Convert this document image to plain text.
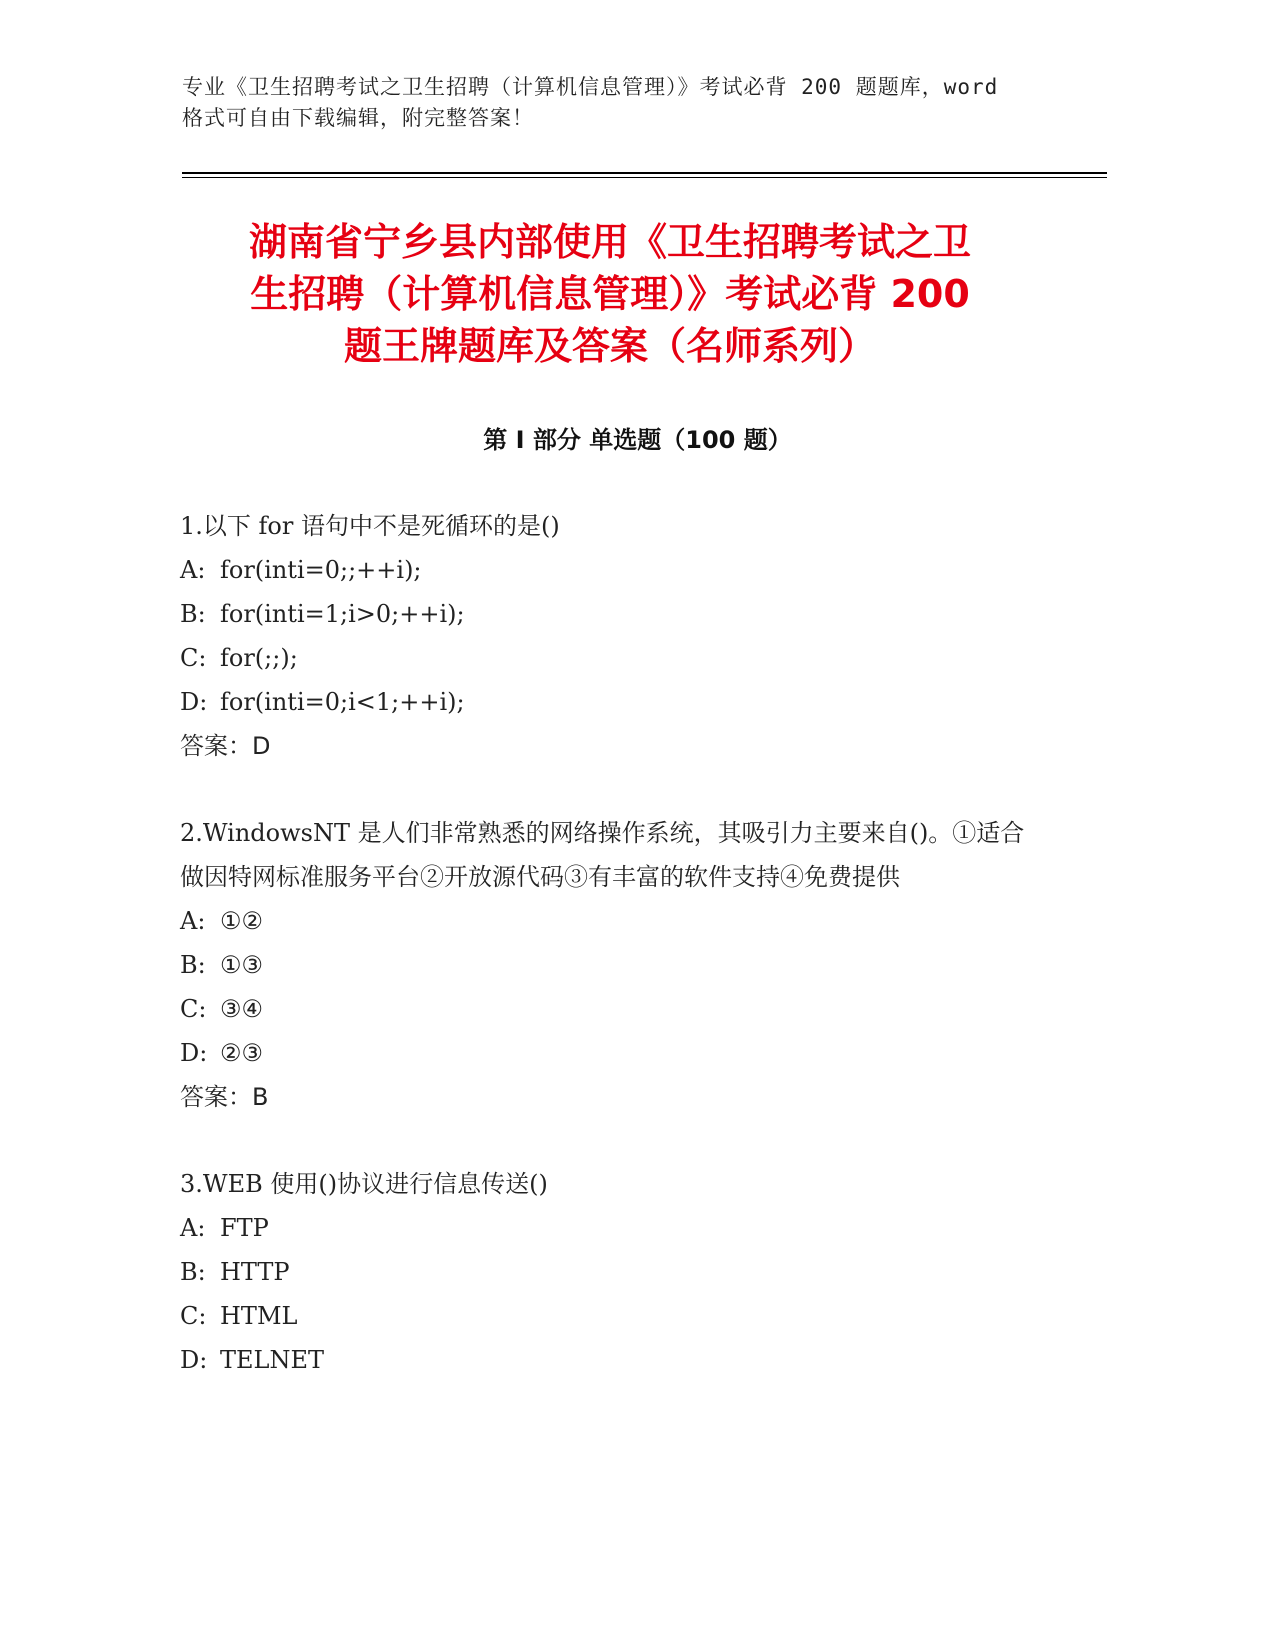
专业《卫生招聘考试之卫生招聘（计算机信息管理）》考试必背 200 题题库，word
格式可自由下载编辑，附完整答案！
湖南省宁乡县内部使用《卫生招聘考试之卫
生招聘（计算机信息管理）》考试必背 200
题王牌题库及答案（名师系列）
第 I 部分 单选题（100 题）
1.以下 for 语句中不是死循环的是()
A: for(inti=0;;++i);
B: for(inti=1;i>0;++i);
C: for(;;);
D: for(inti=0;i<1;++i);
答案：D
2.WindowsNT 是人们非常熟悉的网络操作系统，其吸引力主要来自()。①适合做因特网标准服务平台②开放源代码③有丰富的软件支持④免费提供
A: ①②
B: ①③
C: ③④
D: ②③
答案：B
3.WEB 使用()协议进行信息传送()
A: FTP
B: HTTP
C: HTML
D: TELNET
